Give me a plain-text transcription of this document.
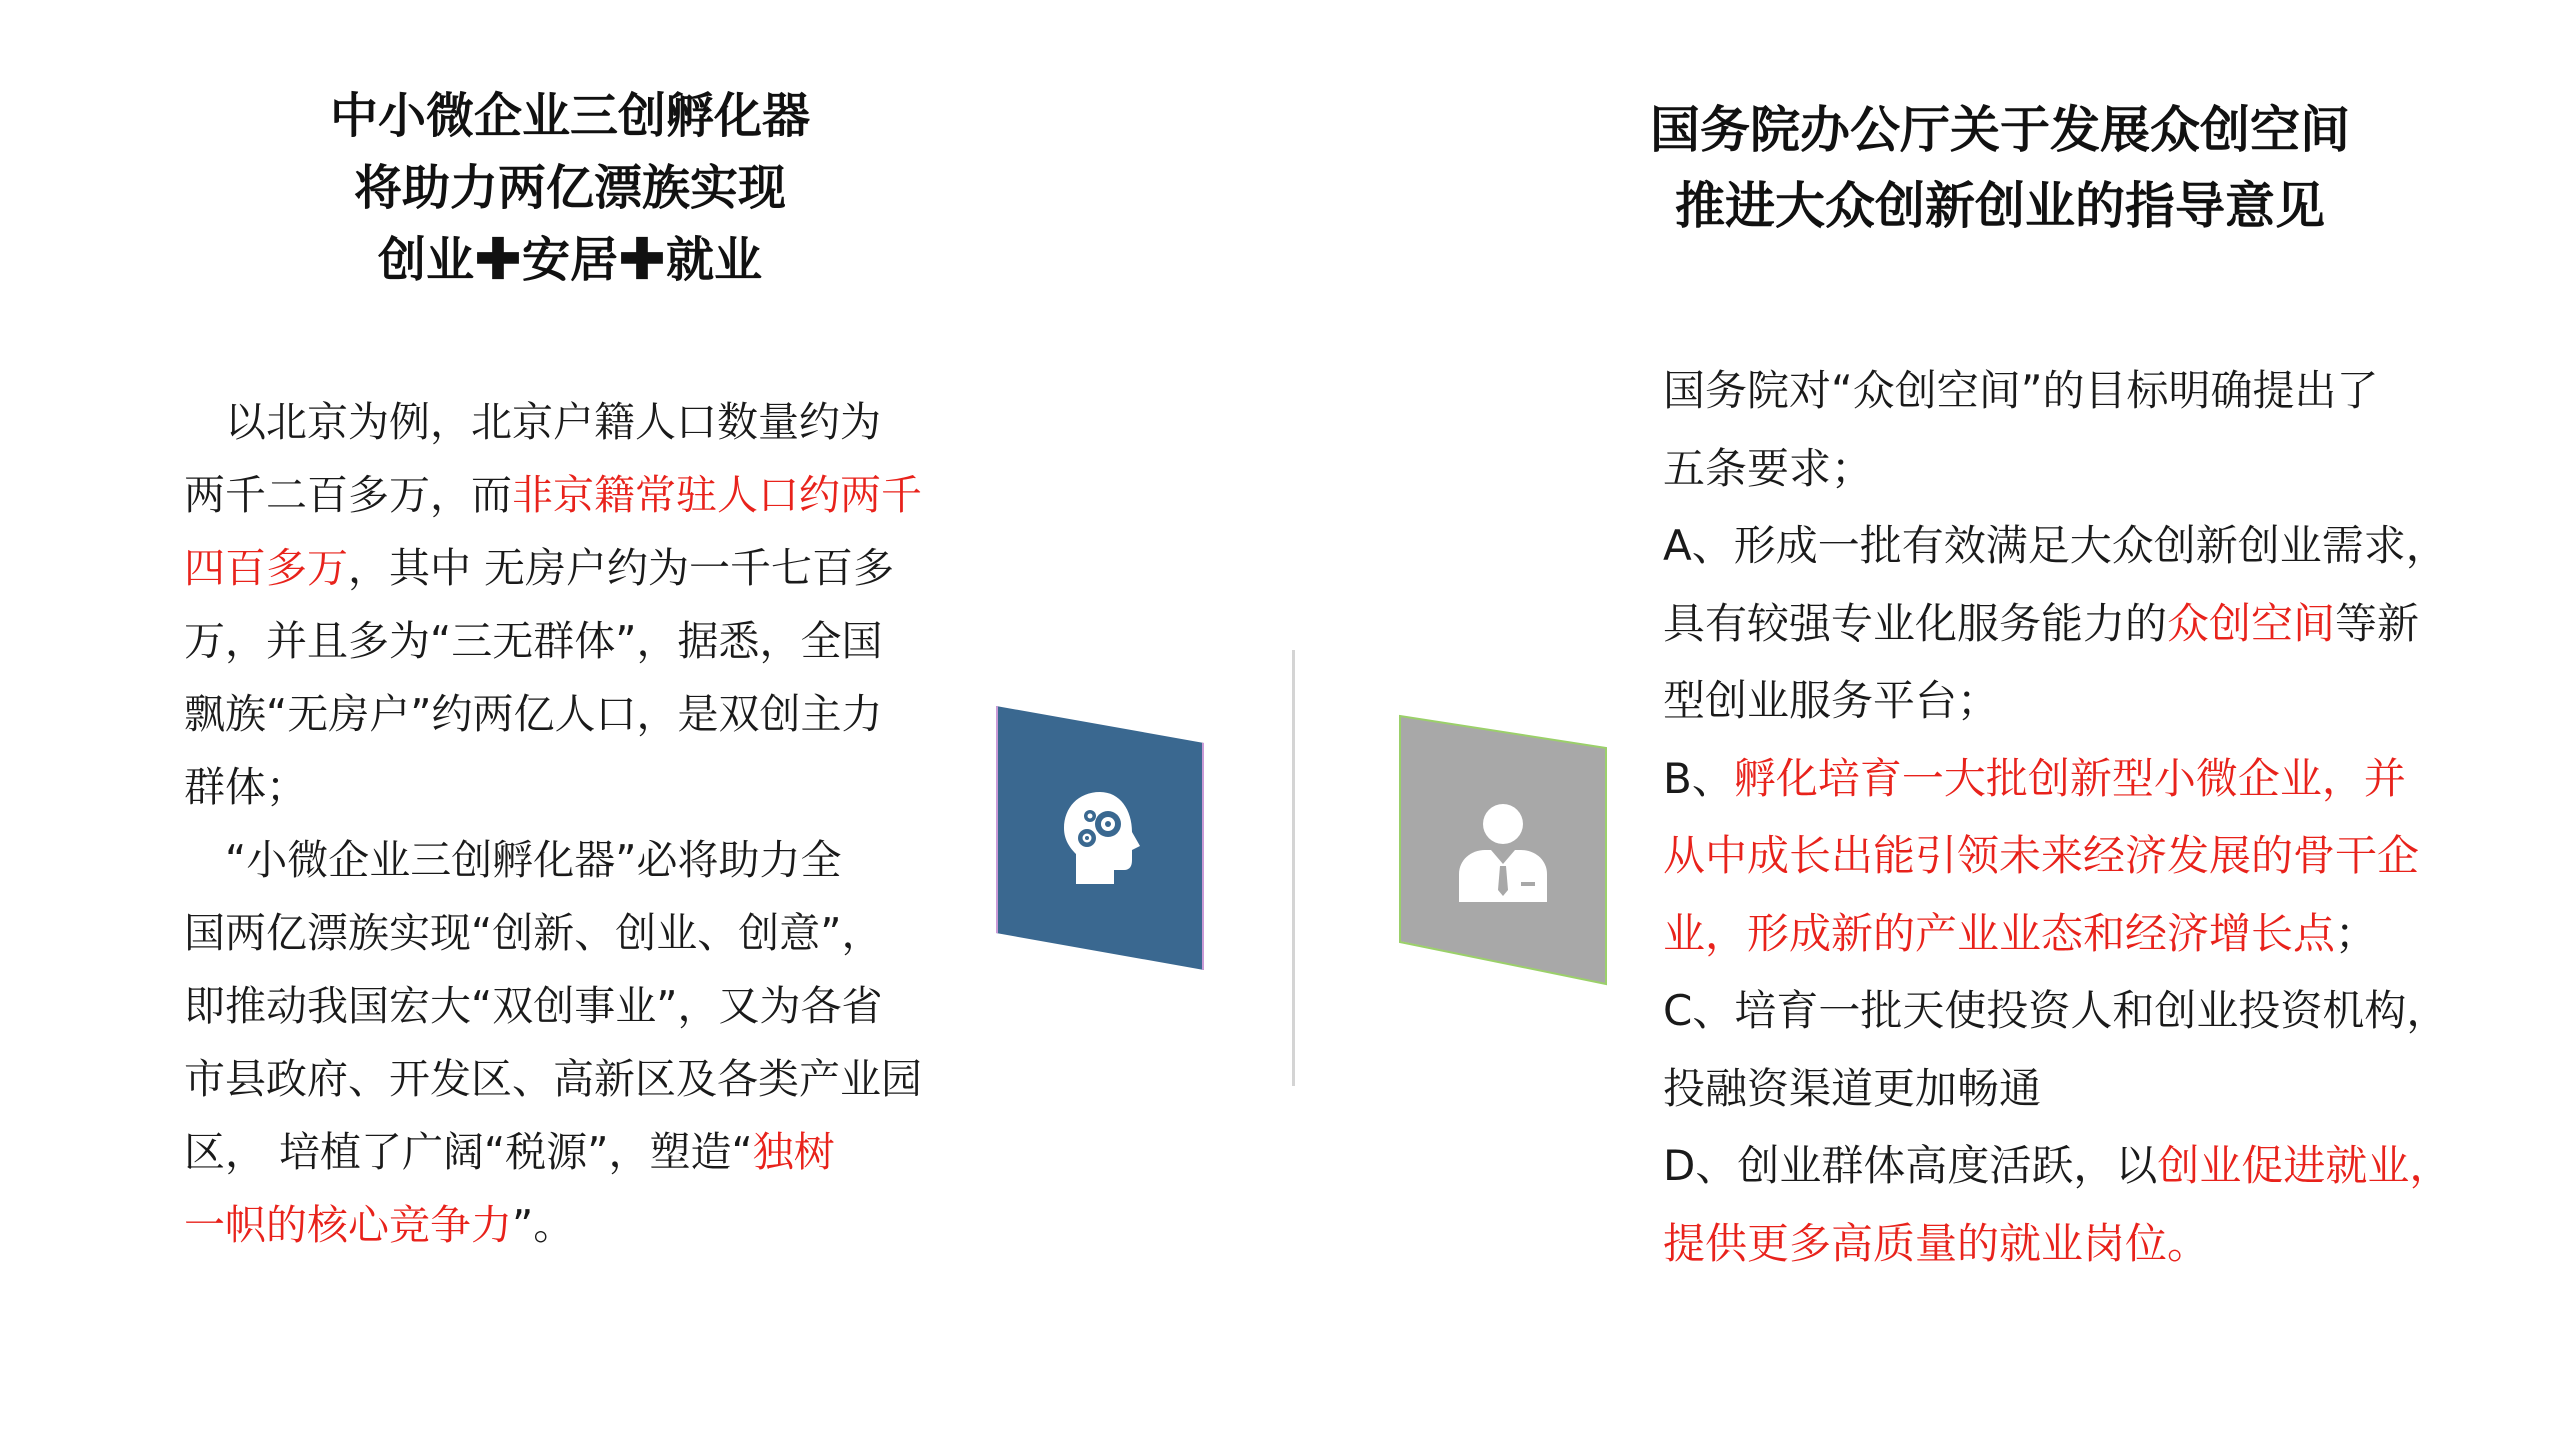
中小微企业三创孵化器
将助力两亿漂族实现
创业✚安居✚就业
国务院办公厅关于发展众创空间
推进大众创新创业的指导意见
　以北京为例，北京户籍人口数量约为
两千二百多万，而非京籍常驻人口约两千
四百多万，其中 无房户约为一千七百多
万，并且多为“三无群体”，据悉，全国
飘族“无房户”约两亿人口，是双创主力
群体；
　“小微企业三创孵化器”必将助力全
国两亿漂族实现“创新、创业、创意”，
即推动我国宏大“双创事业”，又为各省
市县政府、开发区、高新区及各类产业园
区， 培植了广阔“税源”，塑造“独树
一帜的核心竞争力”。
国务院对“众创空间”的目标明确提出了
五条要求；
A、形成一批有效满足大众创新创业需求，
具有较强专业化服务能力的众创空间等新
型创业服务平台；
B、孵化培育一大批创新型小微企业，并
从中成长出能引领未来经济发展的骨干企
业，形成新的产业业态和经济增长点；
C、培育一批天使投资人和创业投资机构，
投融资渠道更加畅通
D、创业群体高度活跃，以创业促进就业，
提供更多高质量的就业岗位。
